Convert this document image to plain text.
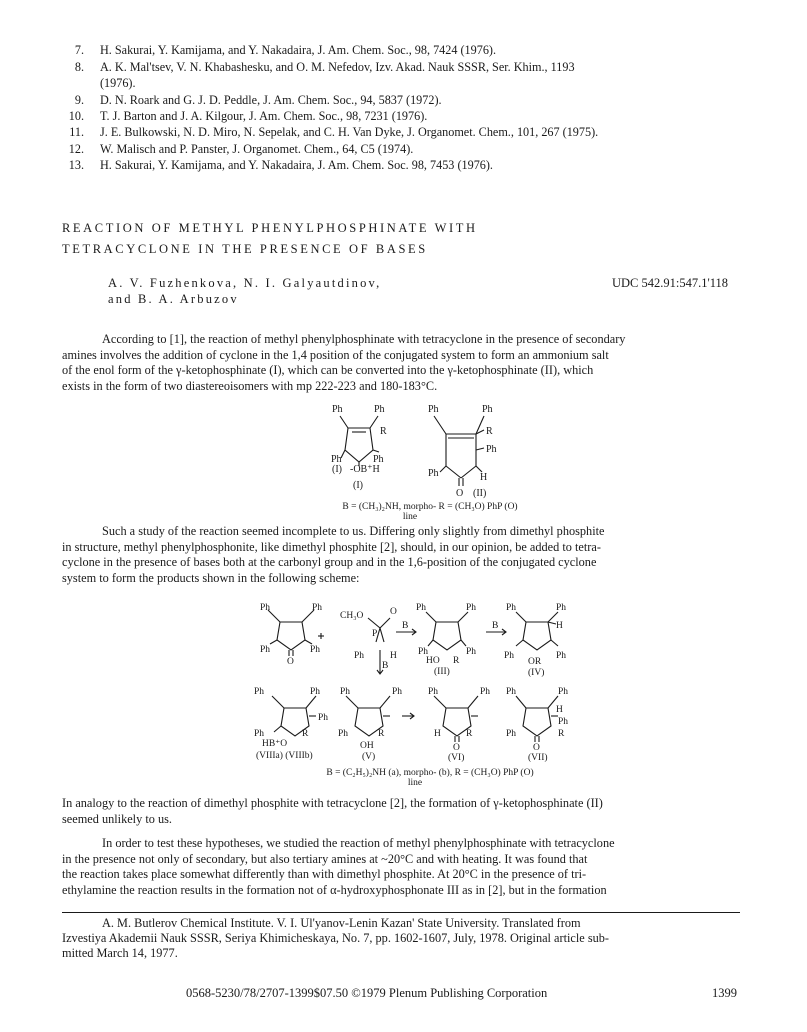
7. H. Sakurai, Y. Kamijama, and Y. Nakadaira, J. Am. Chem. Soc., 98, 7424 (1976).
8. A. K. Mal'tsev, V. N. Khabashesku, and O. M. Nefedov, Izv. Akad. Nauk SSSR, Ser. Khim., 1193
(1976).
9. D. N. Roark and G. J. D. Peddle, J. Am. Chem. Soc., 94, 5837 (1972).
10. T. J. Barton and J. A. Kilgour, J. Am. Chem. Soc., 98, 7231 (1976).
11. J. E. Bulkowski, N. D. Miro, N. Sepelak, and C. H. Van Dyke, J. Organomet. Chem., 101, 267 (1975).
12. W. Malisch and P. Panster, J. Organomet. Chem., 64, C5 (1974).
13. H. Sakurai, Y. Kamijama, and Y. Nakadaira, J. Am. Chem. Soc. 98, 7453 (1976).
REACTION OF METHYL PHENYLPHOSPHINATE WITH
TETRACYCLONE IN THE PRESENCE OF BASES
A. V. Fuzhenkova, N. I. Galyautdinov,
and B. A. Arbuzov
UDC 542.91:547.1'118
According to [1], the reaction of methyl phenylphosphinate with tetracyclone in the presence of secondary
amines involves the addition of cyclone in the 1,4 position of the conjugated system to form an ammonium salt
of the enol form of the γ-ketophosphinate (I), which can be converted into the γ-ketophosphinate (II), which
exists in the form of two diastereoisomers with mp 222-223 and 180-183°C.
Ph	Ph
R
Ph	Ph
(I) -OB⁺H
(I)
Ph	Ph
R
Ph
Ph	H
O (II)
B = (CH₃)₂NH, morpho- R = (CH₃O) PhP (O)
line
Such a study of the reaction seemed incomplete to us. Differing only slightly from dimethyl phosphite
in structure, methyl phenylphosphonite, like dimethyl phosphite [2], should, in our opinion, be added to tetra-
cyclone in the presence of bases both at the carbonyl group and in the 1,6-position of the conjugated cyclone
system to form the products shown in the following scheme:
Ph	Ph
Ph	Ph
O
CH₃O	O
P
Ph	H
B
B
B
Ph	Ph
Ph	Ph
HO R
(III)
Ph	Ph
H
Ph	Ph
OR
(IV)
Ph	Ph
Ph
Ph	R
HB⁺O
(VIIIa) (VIIIb)
Ph	Ph
Ph	R
OH
(V)
Ph	Ph
H	R
O
(VI)
Ph	Ph
H
Ph
Ph	R
O
(VII)
B = (C₂H₅)₂NH (a), morpho- (b), R = (CH₃O) PhP (O)
line
In analogy to the reaction of dimethyl phosphite with tetracyclone [2], the formation of γ-ketophosphinate (II)
seemed unlikely to us.
In order to test these hypotheses, we studied the reaction of methyl phenylphosphinate with tetracyclone
in the presence not only of secondary, but also tertiary amines at ~20°C and with heating. It was found that
the reaction takes place somewhat differently than with dimethyl phosphite. At 20°C in the presence of tri-
ethylamine the reaction results in the formation not of α-hydroxyphosphonate III as in [2], but in the formation
A. M. Butlerov Chemical Institute. V. I. Ul'yanov-Lenin Kazan' State University. Translated from
Izvestiya Akademii Nauk SSSR, Seriya Khimicheskaya, No. 7, pp. 1602-1607, July, 1978. Original article sub-
mitted March 14, 1977.
0568-5230/78/2707-1399$07.50 ©1979 Plenum Publishing Corporation	1399
